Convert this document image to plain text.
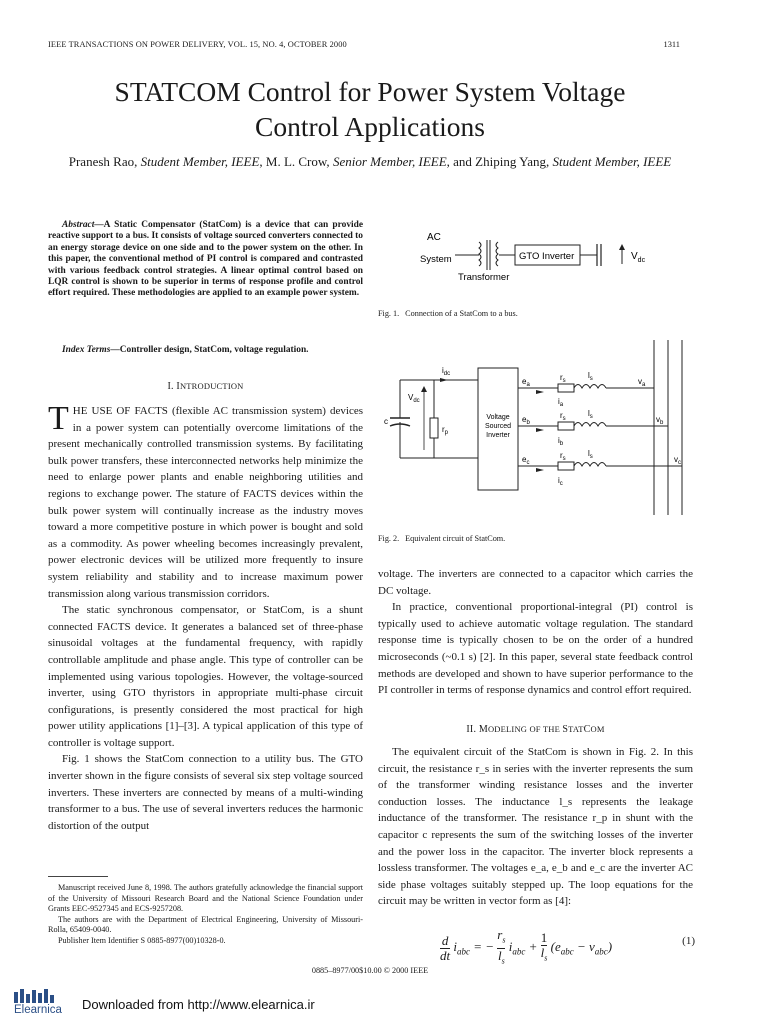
IEEE TRANSACTIONS ON POWER DELIVERY, VOL. 15, NO. 4, OCTOBER 2000	1311
STATCOM Control for Power System Voltage
Control Applications
Pranesh Rao, Student Member, IEEE, M. L. Crow, Senior Member, IEEE, and Zhiping Yang, Student Member, IEEE
Abstract—A Static Compensator (StatCom) is a device that can provide reactive support to a bus. It consists of voltage sourced converters connected to an energy storage device on one side and to the power system on the other. In this paper, the conventional method of PI control is compared and contrasted with various feedback control strategies. A linear optimal control based on LQR control is shown to be superior in terms of response profile and control effort required. These methodologies are applied to an example power system.
Index Terms—Controller design, StatCom, voltage regulation.
I. INTRODUCTION

THE USE OF FACTS (flexible AC transmission system) devices in a power system can potentially overcome limitations of the present mechanically controlled transmission systems. By facilitating bulk power transfers, these interconnected networks help minimize the need to enlarge power plants and enable neighboring utilities and regions to exchange power. The stature of FACTS devices within the bulk power system will continually increase as the industry moves toward a more competitive posture in which power is bought and sold as a commodity. As power wheeling becomes increasingly prevalent, power electronic devices will be utilized more frequently to insure system reliability and stability and to increase maximum power transmission along various transmission corridors.

The static synchronous compensator, or StatCom, is a shunt connected FACTS device. It generates a balanced set of three-phase sinusoidal voltages at the fundamental frequency, with rapidly controllable amplitude and phase angle. This type of controller can be implemented using various topologies. However, the voltage-sourced inverter, using GTO thyristors in appropriate multi-phase circuit configurations, is presently considered the most practical for high power utility applications [1]–[3]. A typical application of this type of controller is voltage support.

Fig. 1 shows the StatCom connection to a utility bus. The GTO inverter shown in the figure consists of several six step voltage sourced inverters. These inverters are connected by means of a multi-winding transformer to a bus. The use of several inverters reduces the harmonic distortion of the output

Manuscript received June 8, 1998. The authors gratefully acknowledge the financial support of the University of Missouri Research Board and the National Science Foundation under Grants EEC-9527345 and ECS-9257208.
The authors are with the Department of Electrical Engineering, University of Missouri-Rolla, 65409-0040.
Publisher Item Identifier S 0885-8977(00)10328-0.
AC
System	GTO Inverter	$V_{dc}$
Transformer
Fig. 1. Connection of a StatCom to a bus.
$i_{dc}$
$V_{dc}$
c
$r_p$
Voltage
Sourced
Inverter
$e_a$
$e_b$
$e_c$
$r_s$
$r_s$
$r_s$
$l_s$
$l_s$
$l_s$
$i_a$
$i_b$
$i_c$
$v_a$
$v_b$
$v_c$
Fig. 2. Equivalent circuit of StatCom.

voltage. The inverters are connected to a capacitor which carries the DC voltage.

In practice, conventional proportional-integral (PI) control is typically used to achieve automatic voltage regulation. The standard response time is typically chosen to be on the order of a hundred microseconds (~0.1 s) [2]. In this paper, several state feedback control methods are developed and shown to have superior performance to the PI controller in terms of response dynamics and control effort required.

II. MODELING OF THE STATCOM

The equivalent circuit of the StatCom is shown in Fig. 2. In this circuit, the resistance r_s in series with the inverter represents the sum of the transformer winding resistance losses and the inverter conduction losses. The inductance l_s represents the leakage inductance of the transformer. The resistance r_p in shunt with the capacitor c represents the sum of the switching losses of the inverter and the power loss in the capacitor. The inverter block represents a lossless transformer. The voltages e_a, e_b and e_c are the inverter AC side phase voltages suitably stepped up. The loop equations for the circuit may be written in vector form as [4]:

$\frac{d}{dt} i_{abc}$ = − $\frac{r_s}{l_s} i_{abc} + \frac{1}{l_s} (e_{abc} - v_{abc})$	(1)
0885–8977/00$10.00 © 2000 IEEE
Elearnica Downloaded from http://www.elearnica.ir
